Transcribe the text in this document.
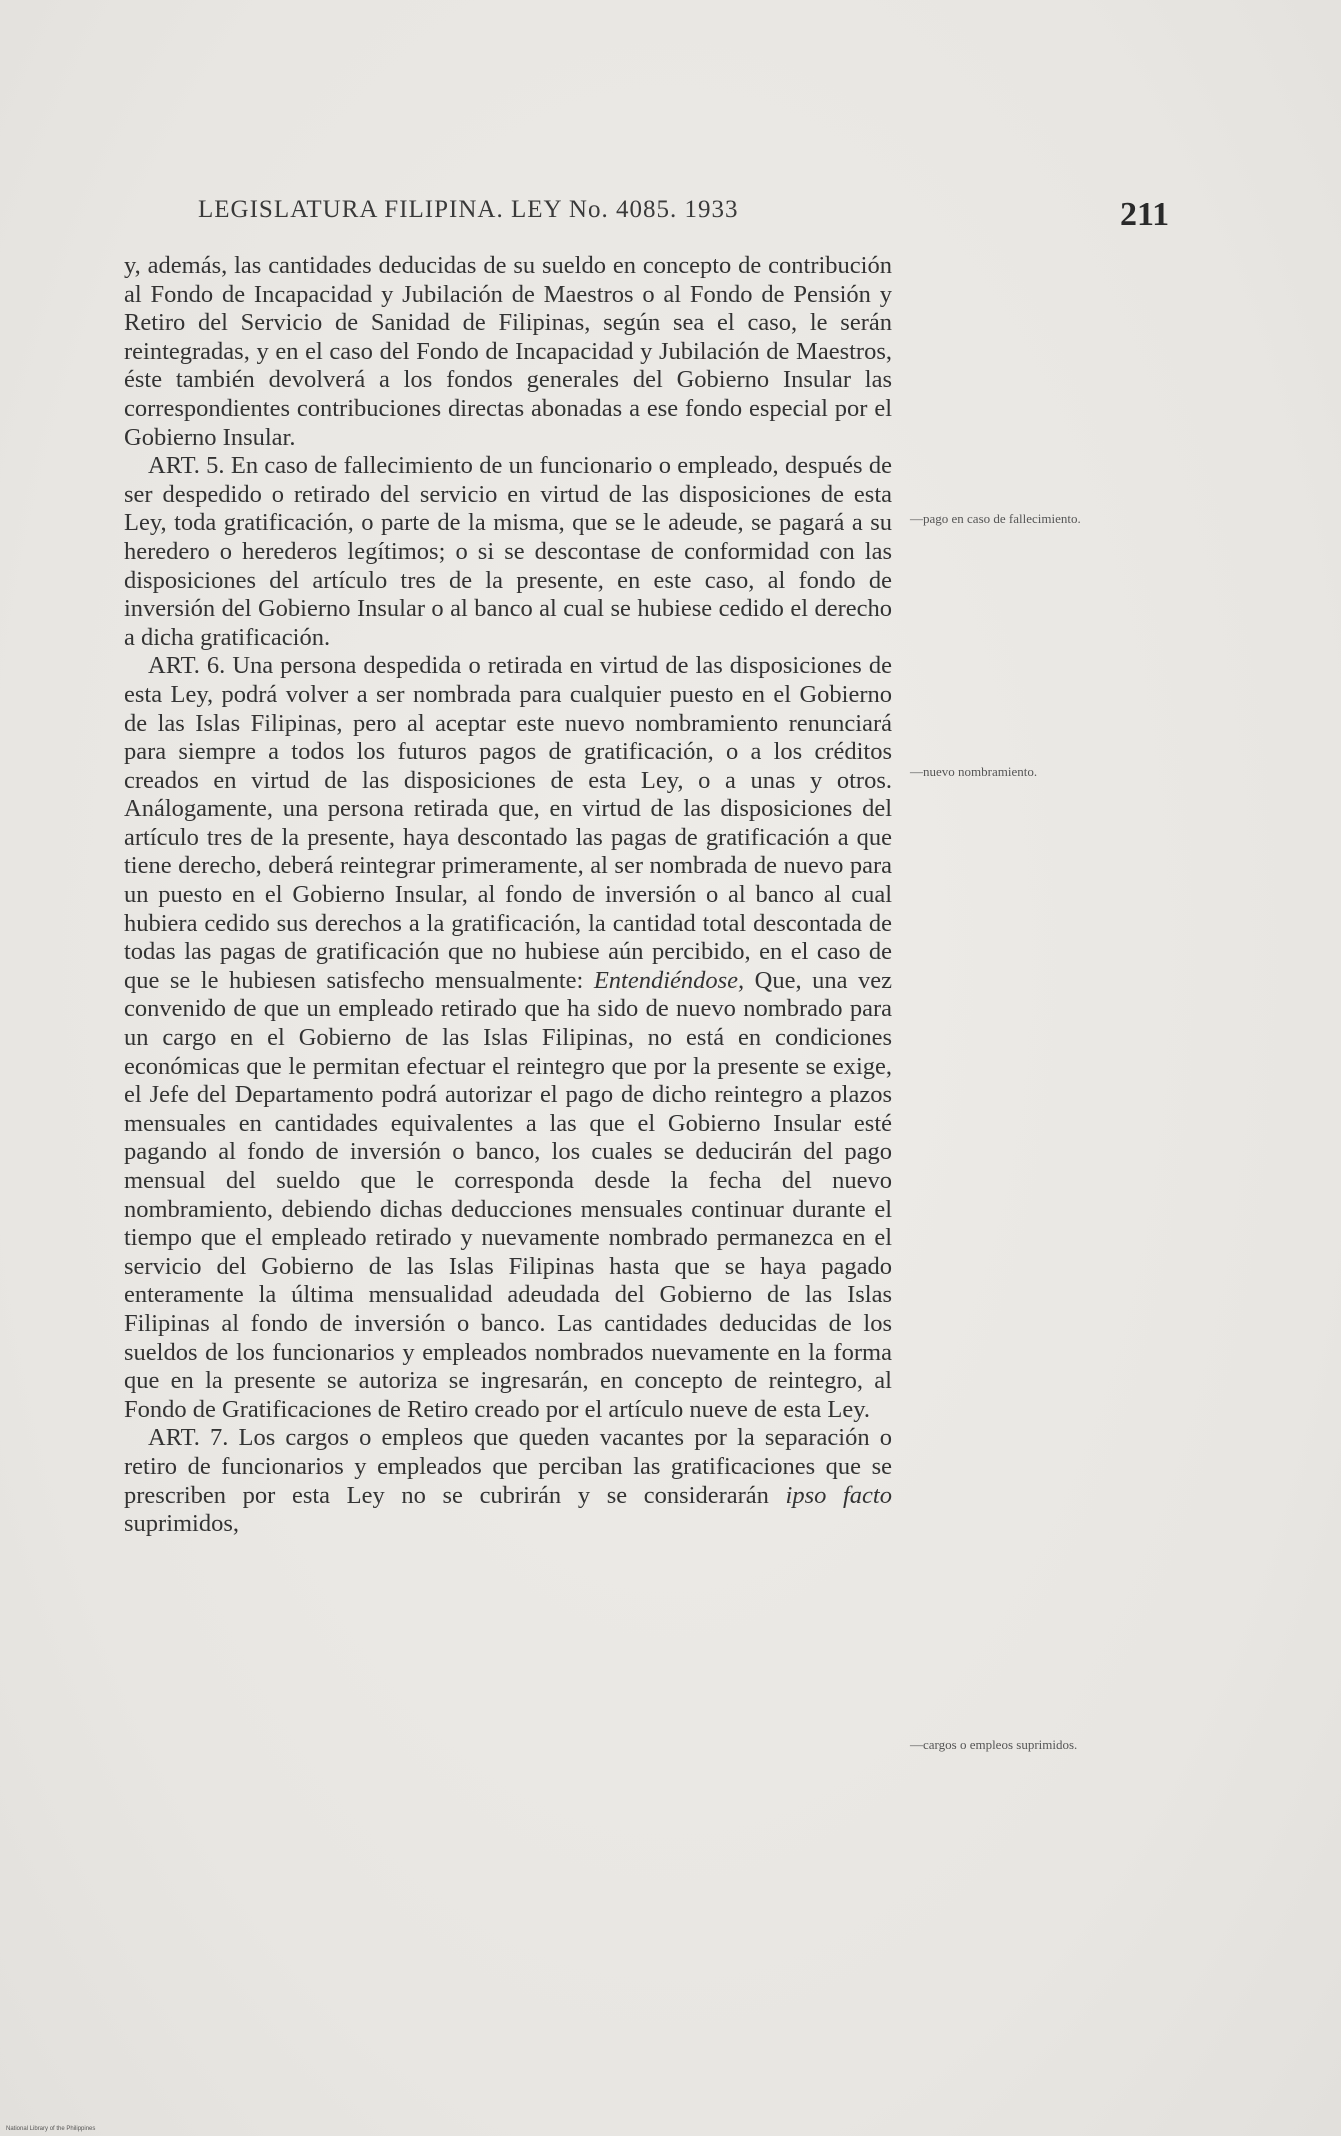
LEGISLATURA FILIPINA. LEY No. 4085. 1933	211

y, además, las cantidades deducidas de su sueldo en concepto de contribución al Fondo de Incapacidad y Jubilación de Maestros o al Fondo de Pensión y Retiro del Servicio de Sanidad de Filipinas, según sea el caso, le serán reintegradas, y en el caso del Fondo de Incapacidad y Jubilación de Maestros, éste también devolverá a los fondos generales del Gobierno Insular las correspondientes contribuciones directas abonadas a ese fondo especial por el Gobierno Insular.

ART. 5. En caso de fallecimiento de un funcionario o empleado, después de ser despedido o retirado del servicio en virtud de las disposiciones de esta Ley, toda gratificación, o parte de la misma, que se le adeude, se pagará a su heredero o herederos legítimos; o si se descontase de conformidad con las disposiciones del artículo tres de la presente, en este caso, al fondo de inversión del Gobierno Insular o al banco al cual se hubiese cedido el derecho a dicha gratificación.

ART. 6. Una persona despedida o retirada en virtud de las disposiciones de esta Ley, podrá volver a ser nombrada para cualquier puesto en el Gobierno de las Islas Filipinas, pero al aceptar este nuevo nombramiento renunciará para siempre a todos los futuros pagos de gratificación, o a los créditos creados en virtud de las disposiciones de esta Ley, o a unas y otros. Análogamente, una persona retirada que, en virtud de las disposiciones del artículo tres de la presente, haya descontado las pagas de gratificación a que tiene derecho, deberá reintegrar primeramente, al ser nombrada de nuevo para un puesto en el Gobierno Insular, al fondo de inversión o al banco al cual hubiera cedido sus derechos a la gratificación, la cantidad total descontada de todas las pagas de gratificación que no hubiese aún percibido, en el caso de que se le hubiesen satisfecho mensualmente: Entendiéndose, Que, una vez convenido de que un empleado retirado que ha sido de nuevo nombrado para un cargo en el Gobierno de las Islas Filipinas, no está en condiciones económicas que le permitan efectuar el reintegro que por la presente se exige, el Jefe del Departamento podrá autorizar el pago de dicho reintegro a plazos mensuales en cantidades equivalentes a las que el Gobierno Insular esté pagando al fondo de inversión o banco, los cuales se deducirán del pago mensual del sueldo que le corresponda desde la fecha del nuevo nombramiento, debiendo dichas deducciones mensuales continuar durante el tiempo que el empleado retirado y nuevamente nombrado permanezca en el servicio del Gobierno de las Islas Filipinas hasta que se haya pagado enteramente la última mensualidad adeudada del Gobierno de las Islas Filipinas al fondo de inversión o banco. Las cantidades deducidas de los sueldos de los funcionarios y empleados nombrados nuevamente en la forma que en la presente se autoriza se ingresarán, en concepto de reintegro, al Fondo de Gratificaciones de Retiro creado por el artículo nueve de esta Ley.

ART. 7. Los cargos o empleos que queden vacantes por la separación o retiro de funcionarios y empleados que perciban las gratificaciones que se prescriben por esta Ley no se cubrirán y se considerarán ipso facto suprimidos,

—pago en caso de fallecimiento.
—nuevo nombramiento.
—cargos o empleos suprimidos.
National Library of the Philippines
